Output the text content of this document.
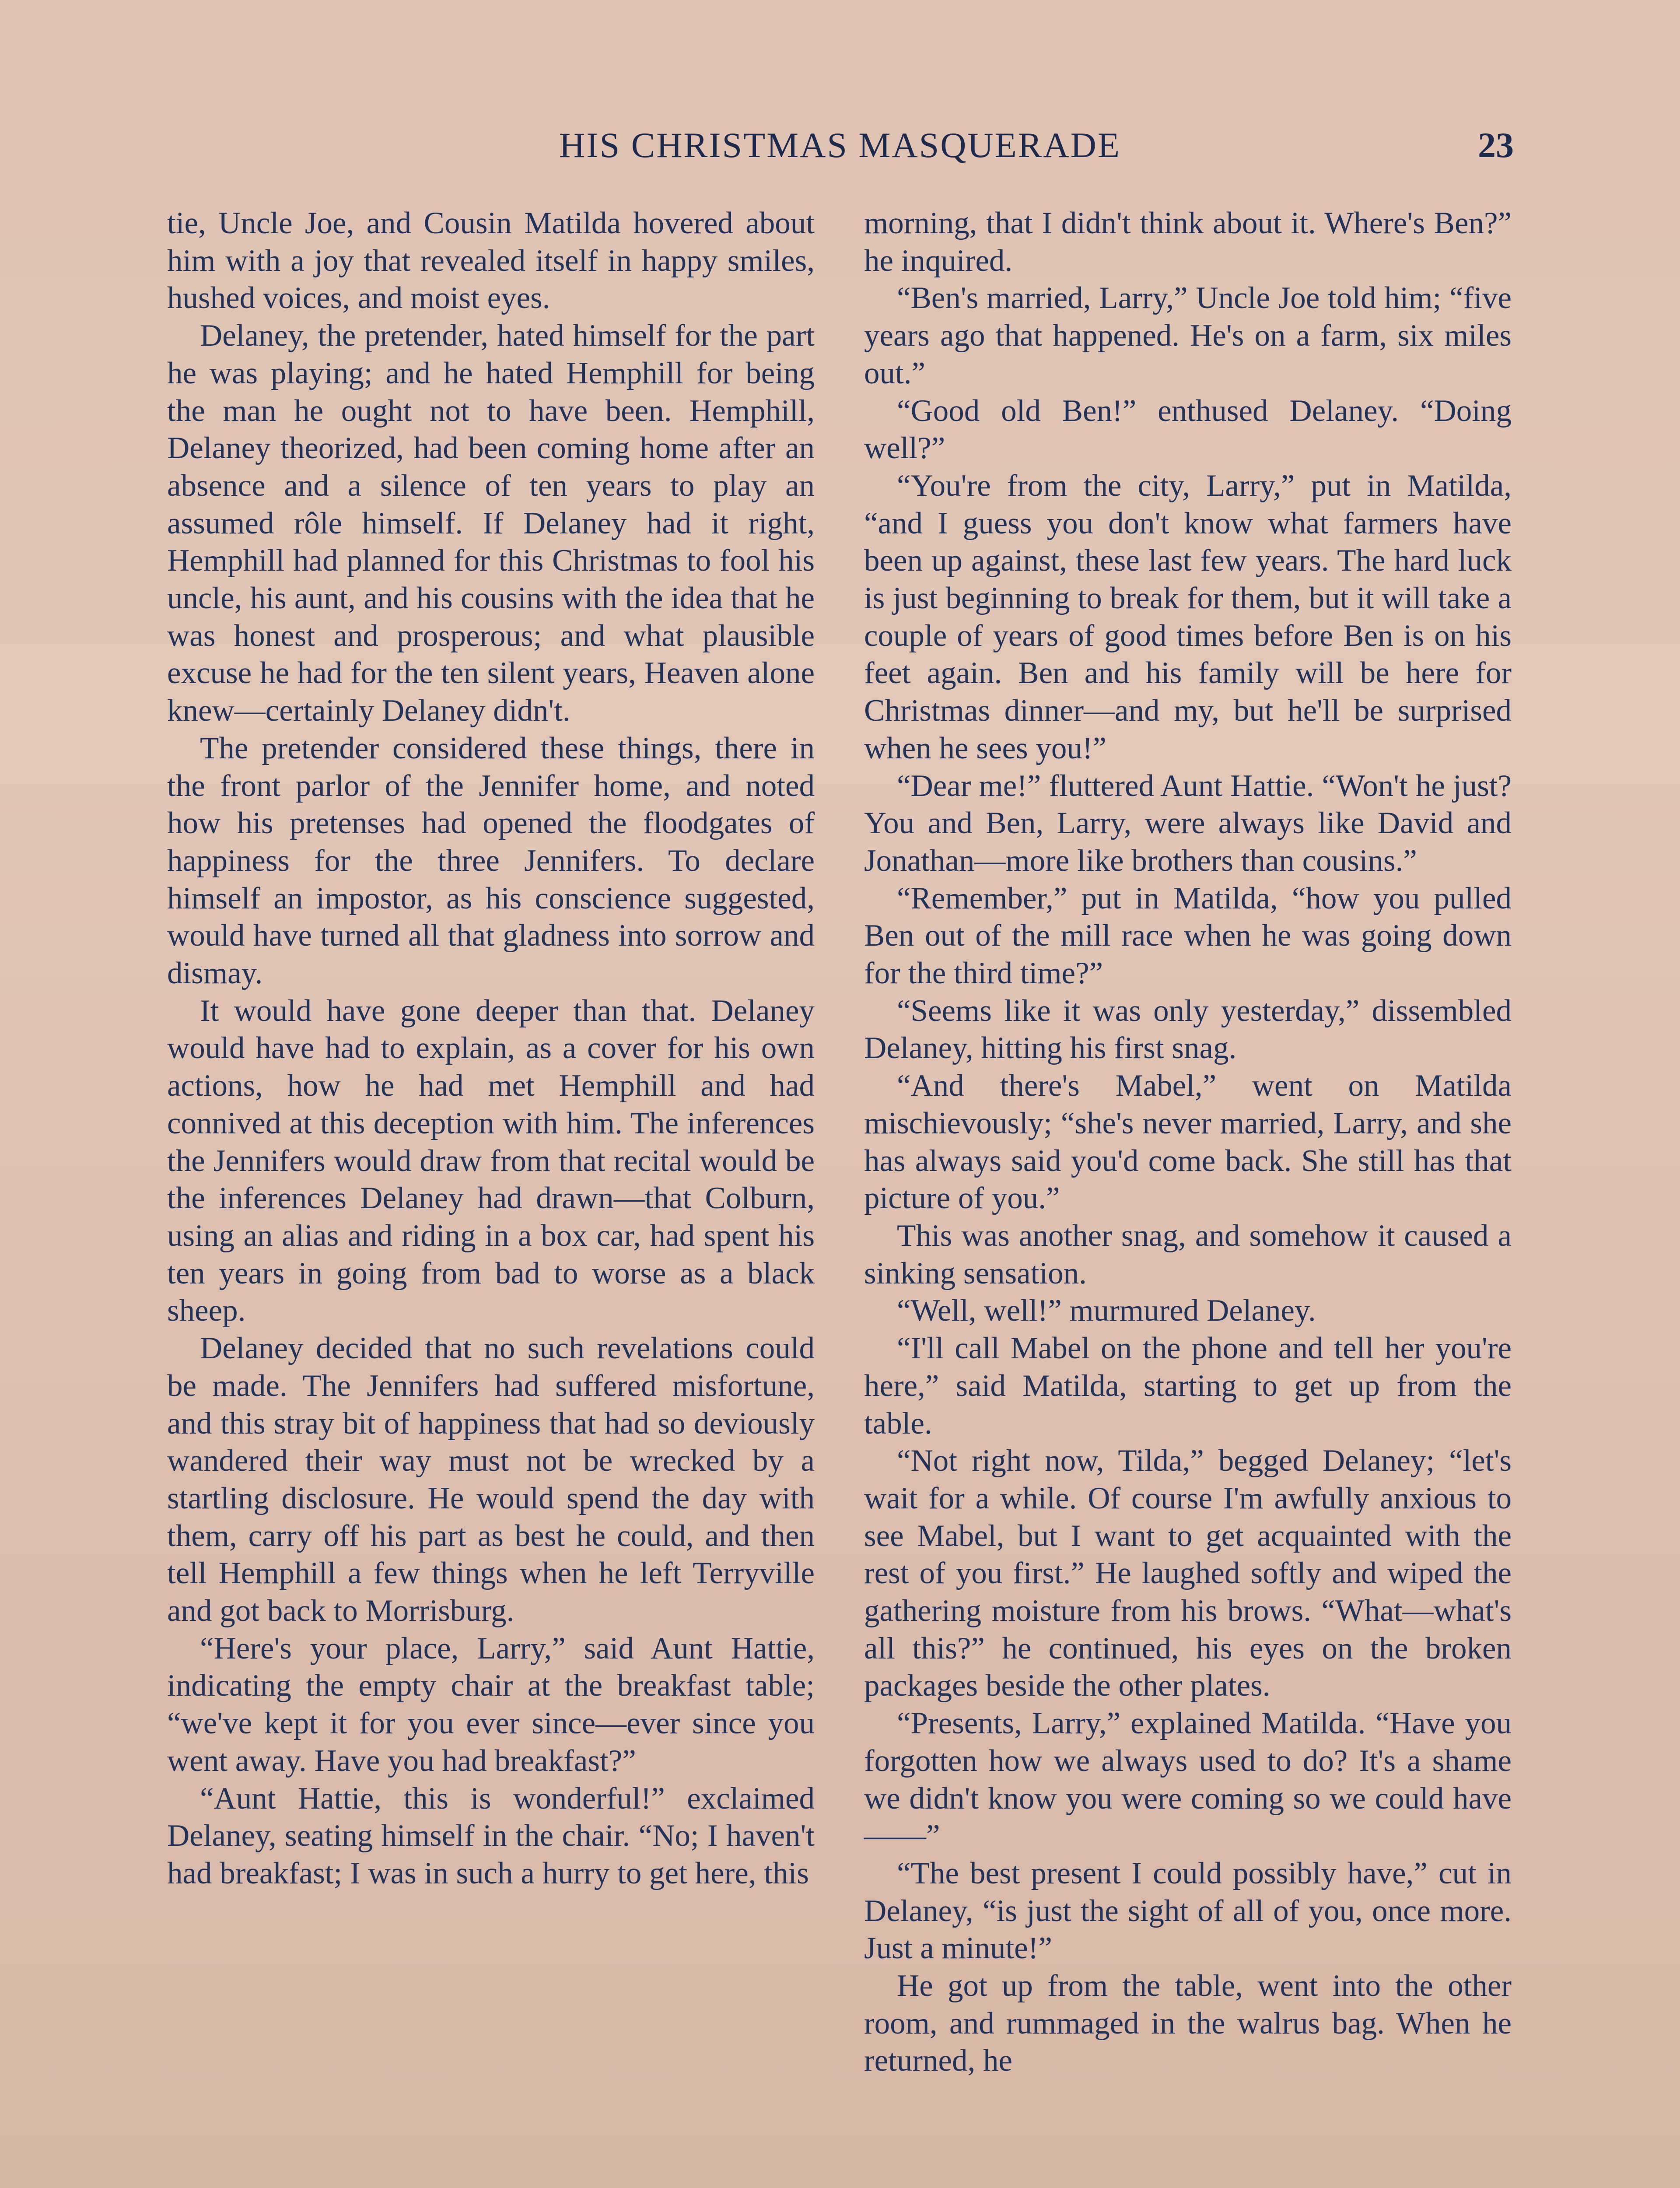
HIS CHRISTMAS MASQUERADE	23

tie, Uncle Joe, and Cousin Matilda hovered about him with a joy that revealed itself in happy smiles, hushed voices, and moist eyes.

Delaney, the pretender, hated himself for the part he was playing; and he hated Hemphill for being the man he ought not to have been. Hemphill, Delaney theorized, had been coming home after an absence and a silence of ten years to play an assumed rôle himself. If Delaney had it right, Hemphill had planned for this Christmas to fool his uncle, his aunt, and his cousins with the idea that he was honest and prosperous; and what plausible excuse he had for the ten silent years, Heaven alone knew—certainly Delaney didn't.

The pretender considered these things, there in the front parlor of the Jennifer home, and noted how his pretenses had opened the floodgates of happiness for the three Jennifers. To declare himself an impostor, as his conscience suggested, would have turned all that gladness into sorrow and dismay.

It would have gone deeper than that. Delaney would have had to explain, as a cover for his own actions, how he had met Hemphill and had connived at this deception with him. The inferences the Jennifers would draw from that recital would be the inferences Delaney had drawn—that Colburn, using an alias and riding in a box car, had spent his ten years in going from bad to worse as a black sheep.

Delaney decided that no such revelations could be made. The Jennifers had suffered misfortune, and this stray bit of happiness that had so deviously wandered their way must not be wrecked by a startling disclosure. He would spend the day with them, carry off his part as best he could, and then tell Hemphill a few things when he left Terryville and got back to Morrisburg.

“Here's your place, Larry,” said Aunt Hattie, indicating the empty chair at the breakfast table; “we've kept it for you ever since—ever since you went away. Have you had breakfast?”

“Aunt Hattie, this is wonderful!” exclaimed Delaney, seating himself in the chair. “No; I haven't had breakfast; I was in such a hurry to get here, this

morning, that I didn't think about it. Where's Ben?” he inquired.

“Ben's married, Larry,” Uncle Joe told him; “five years ago that happened. He's on a farm, six miles out.”

“Good old Ben!” enthused Delaney. “Doing well?”

“You're from the city, Larry,” put in Matilda, “and I guess you don't know what farmers have been up against, these last few years. The hard luck is just beginning to break for them, but it will take a couple of years of good times before Ben is on his feet again. Ben and his family will be here for Christmas dinner—and my, but he'll be surprised when he sees you!”

“Dear me!” fluttered Aunt Hattie. “Won't he just? You and Ben, Larry, were always like David and Jonathan—more like brothers than cousins.”

“Remember,” put in Matilda, “how you pulled Ben out of the mill race when he was going down for the third time?”

“Seems like it was only yesterday,” dissembled Delaney, hitting his first snag.

“And there's Mabel,” went on Matilda mischievously; “she's never married, Larry, and she has always said you'd come back. She still has that picture of you.”

This was another snag, and somehow it caused a sinking sensation.

“Well, well!” murmured Delaney.

“I'll call Mabel on the phone and tell her you're here,” said Matilda, starting to get up from the table.

“Not right now, Tilda,” begged Delaney; “let's wait for a while. Of course I'm awfully anxious to see Mabel, but I want to get acquainted with the rest of you first.” He laughed softly and wiped the gathering moisture from his brows. “What—what's all this?” he continued, his eyes on the broken packages beside the other plates.

“Presents, Larry,” explained Matilda. “Have you forgotten how we always used to do? It's a shame we didn't know you were coming so we could have——”

“The best present I could possibly have,” cut in Delaney, “is just the sight of all of you, once more. Just a minute!”

He got up from the table, went into the other room, and rummaged in the walrus bag. When he returned, he
